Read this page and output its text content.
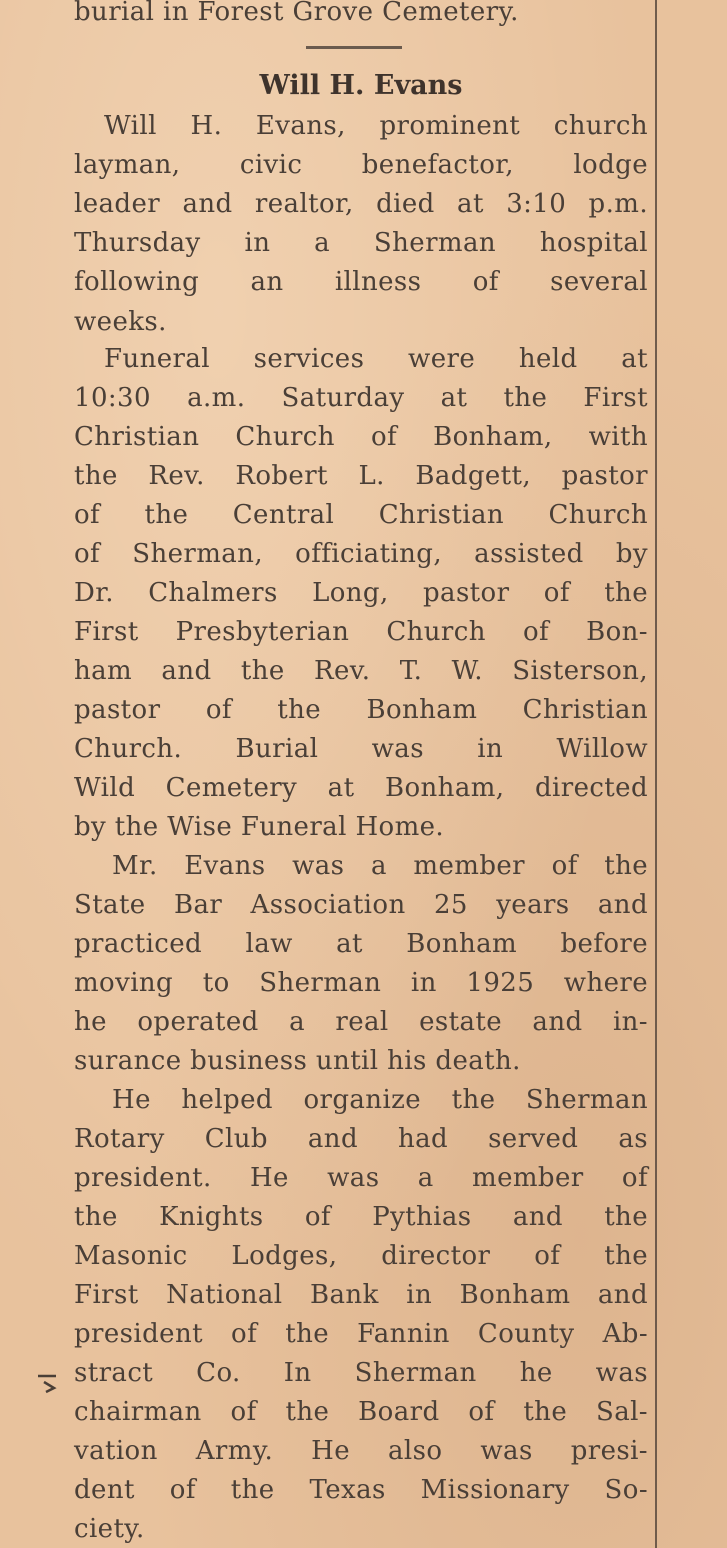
burial in Forest Grove Cemetery.
Will H. Evans
Will H. Evans, prominent church
layman, civic benefactor, lodge
leader and realtor, died at 3:10 p.m.
Thursday in a Sherman hospital
following an illness of several
weeks.
Funeral services were held at
10:30 a.m. Saturday at the First
Christian Church of Bonham, with
the Rev. Robert L. Badgett, pastor
of the Central Christian Church
of Sherman, officiating, assisted by
Dr. Chalmers Long, pastor of the
First Presbyterian Church of Bon-
ham and the Rev. T. W. Sisterson,
pastor of the Bonham Christian
Church. Burial was in Willow
Wild Cemetery at Bonham, directed
by the Wise Funeral Home.
Mr. Evans was a member of the
State Bar Association 25 years and
practiced law at Bonham before
moving to Sherman in 1925 where
he operated a real estate and in-
surance business until his death.
He helped organize the Sherman
Rotary Club and had served as
president. He was a member of
the Knights of Pythias and the
Masonic Lodges, director of the
First National Bank in Bonham and
president of the Fannin County Ab-
stract Co. In Sherman he was
chairman of the Board of the Sal-
vation Army. He also was presi-
dent of the Texas Missionary So-
ciety.
